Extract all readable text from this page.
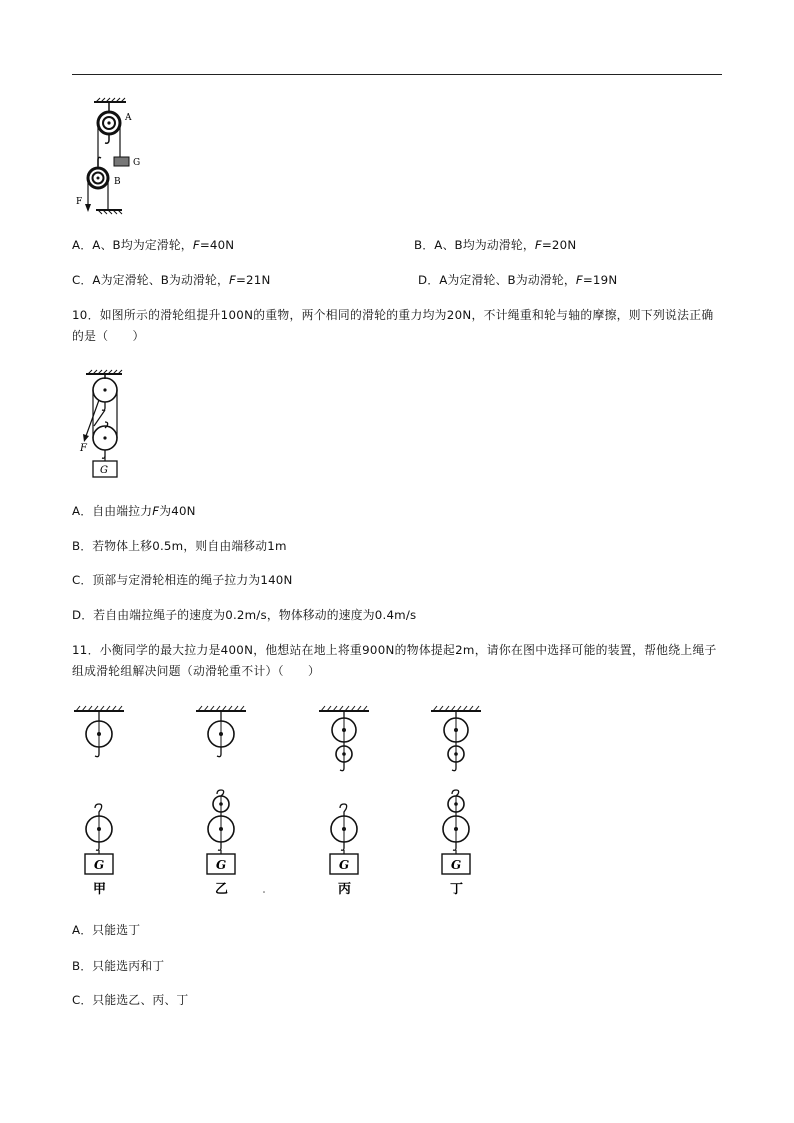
A
G
B
F
A．A、B均为定滑轮，F=40N	B．A、B均为动滑轮，F=20N
C．A为定滑轮、B为动滑轮，F=21N	D．A为定滑轮、B为动滑轮，F=19N
10．如图所示的滑轮组提升100N的重物，两个相同的滑轮的重力均为20N，不计绳重和轮与轴的摩擦，则下列说法正确的是（　　）
F
G
A．自由端拉力F为40N
B．若物体上移0.5m，则自由端移动1m
C．顶部与定滑轮相连的绳子拉力为140N
D．若自由端拉绳子的速度为0.2m/s，物体移动的速度为0.4m/s
11．小衡同学的最大拉力是400N，他想站在地上将重900N的物体提起2m，请你在图中选择可能的装置，帮他绕上绳子组成滑轮组解决问题（动滑轮重不计）（　　）
G	G	G	G
甲	乙	丙	丁
A．只能选丁
B．只能选丙和丁
C．只能选乙、丙、丁
